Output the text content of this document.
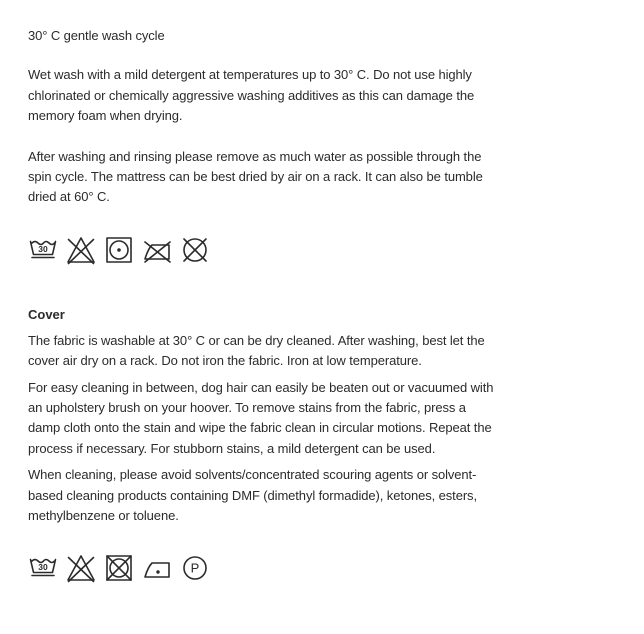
30° C gentle wash cycle

Wet wash with a mild detergent at temperatures up to 30° C. Do not use highly chlorinated or chemically aggressive washing additives as this can damage the memory foam when drying.

After washing and rinsing please remove as much water as possible through the spin cycle. The mattress can be best dried by air on a rack. It can also be tumble dried at 60° C.

30
Cover

The fabric is washable at 30° C or can be dry cleaned. After washing, best let the cover air dry on a rack. Do not iron the fabric. Iron at low temperature.

For easy cleaning in between, dog hair can easily be beaten out or vacuumed with an upholstery brush on your hoover. To remove stains from the fabric, press a damp cloth onto the stain and wipe the fabric clean in circular motions. Repeat the process if necessary. For stubborn stains, a mild detergent can be used.

When cleaning, please avoid solvents/concentrated scouring agents or solvent-based cleaning products containing DMF (dimethyl formadide), ketones, esters, methylbenzene or toluene.

30	P
